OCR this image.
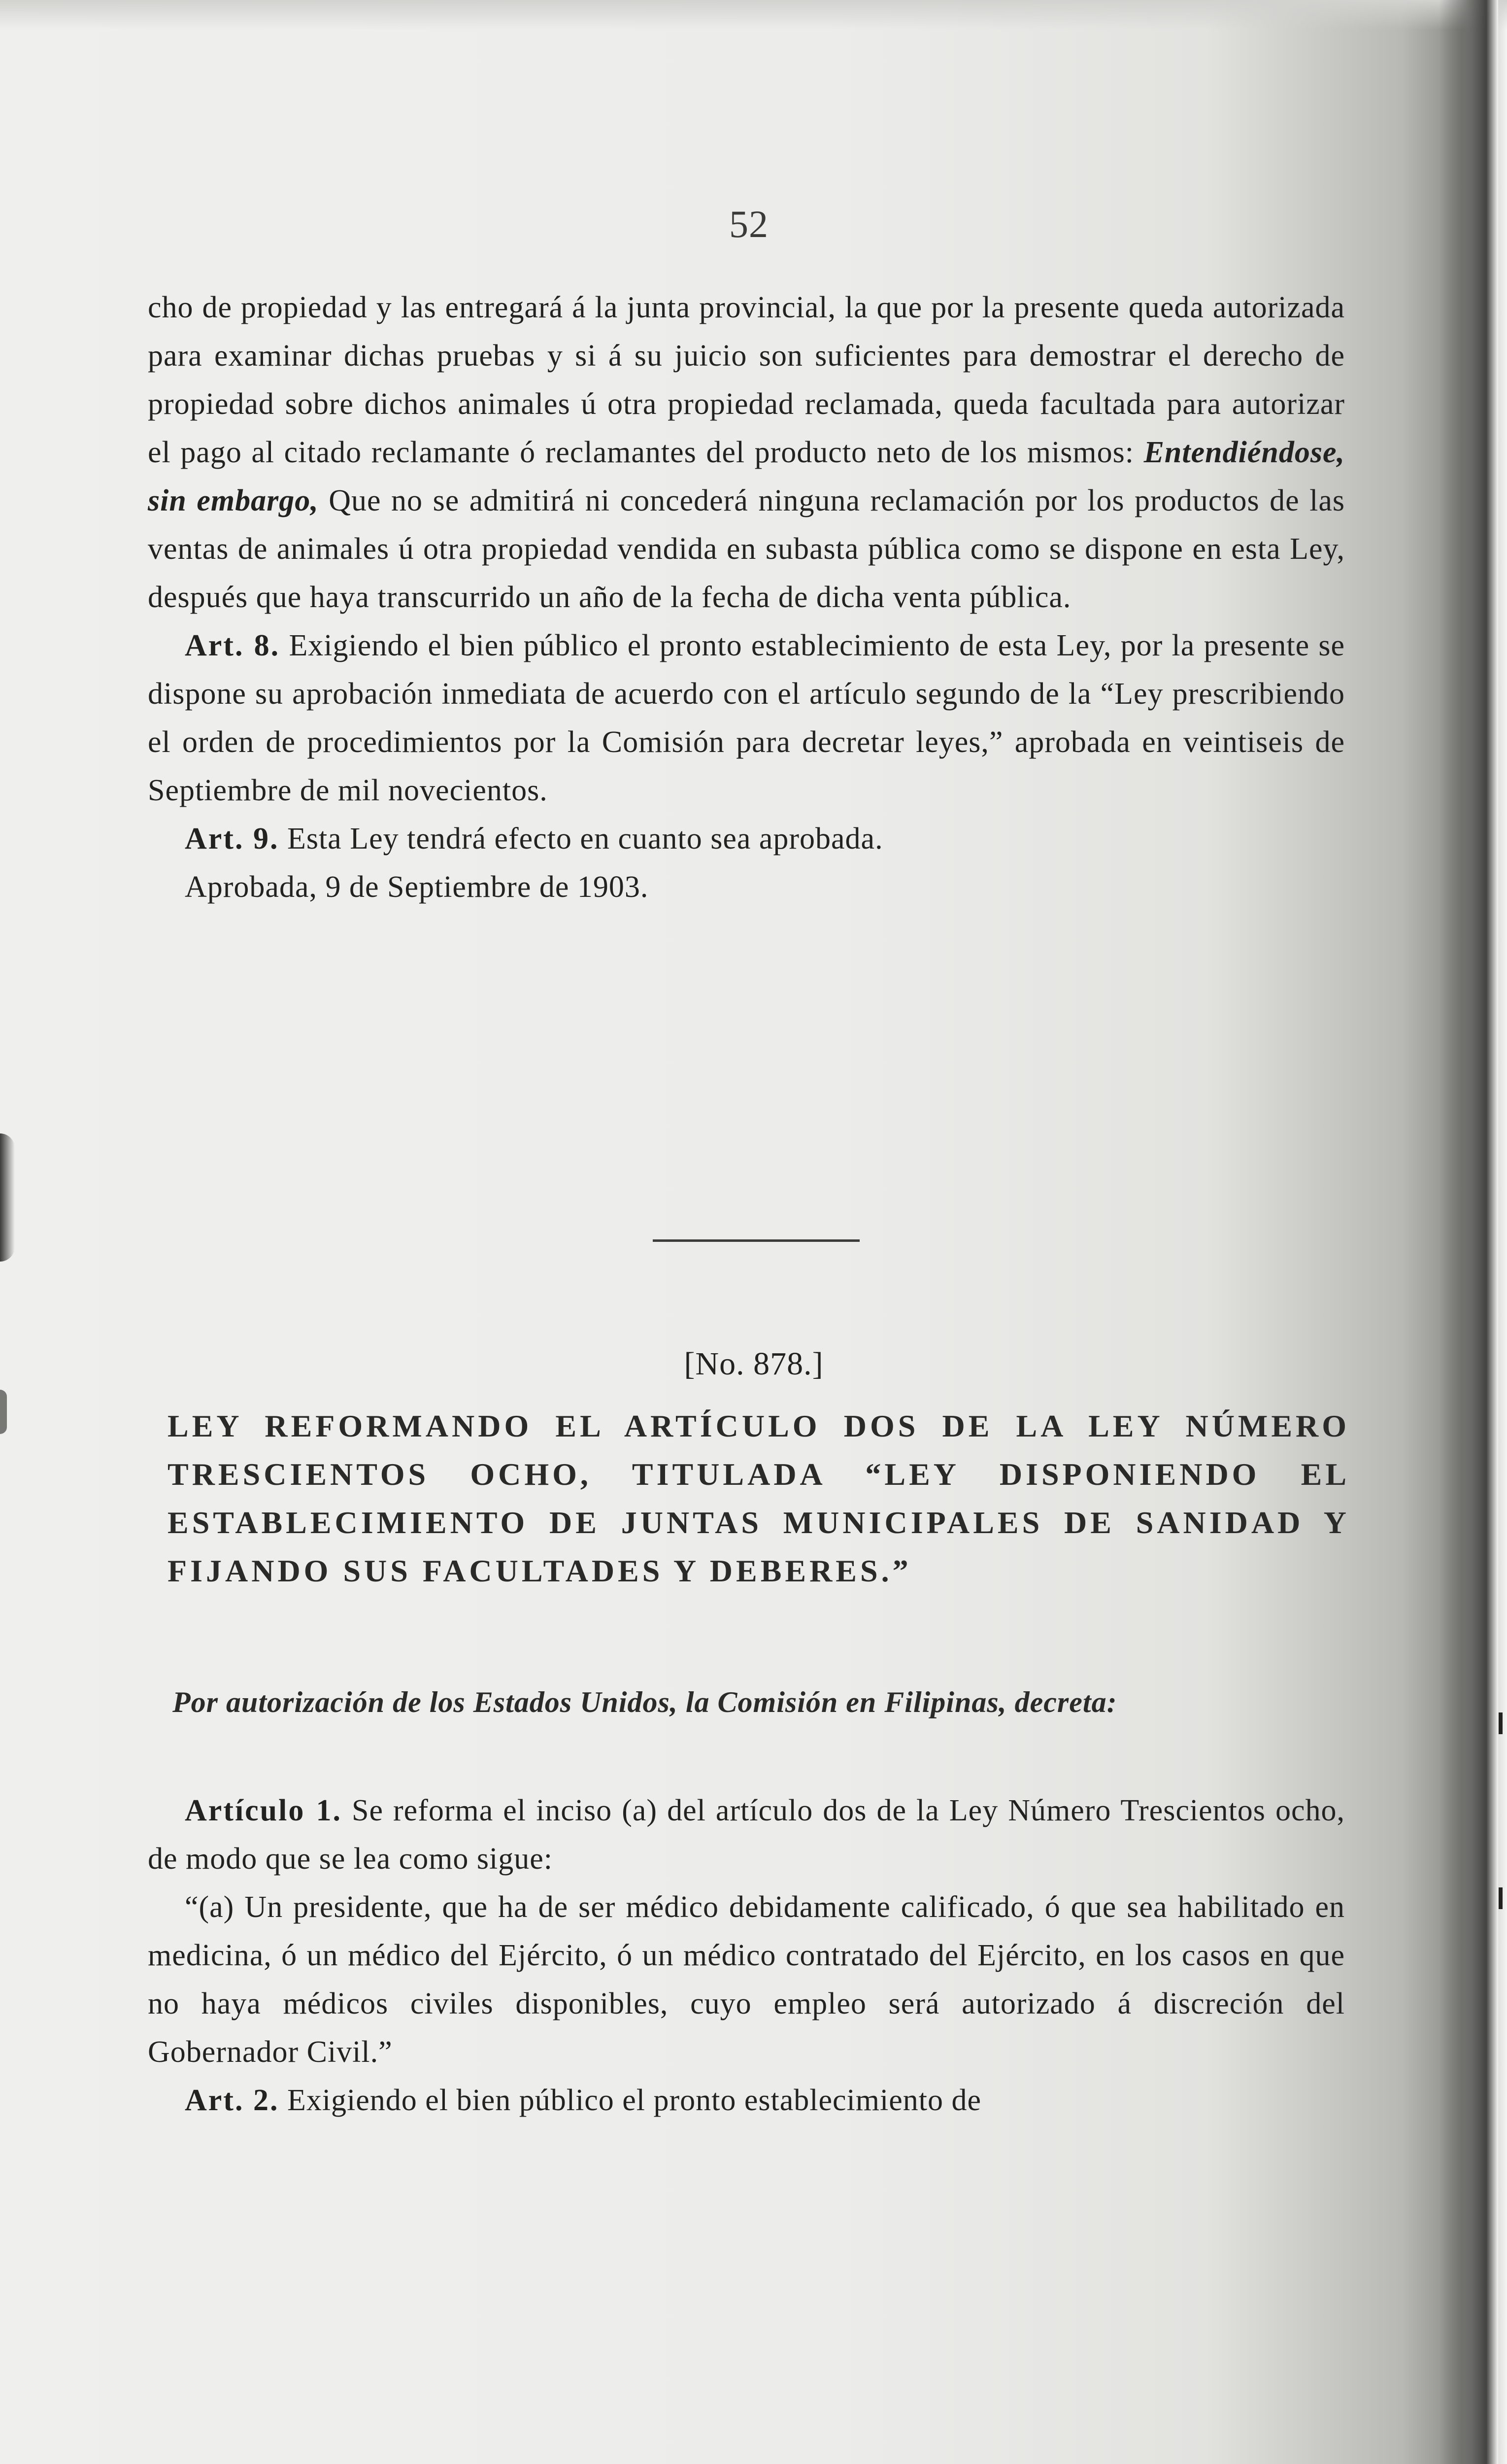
52

cho de propiedad y las entregará á la junta provincial, la que por la presente queda autorizada para examinar dichas pruebas y si á su juicio son suficientes para demostrar el derecho de propiedad sobre dichos animales ú otra propiedad reclamada, queda facultada para autorizar el pago al citado reclamante ó reclamantes del producto neto de los mismos: Entendiéndose, sin embargo, Que no se admitirá ni concederá ninguna reclamación por los productos de las ventas de animales ú otra propiedad vendida en subasta pública como se dispone en esta Ley, después que haya transcurrido un año de la fecha de dicha venta pública.

Art. 8. Exigiendo el bien público el pronto establecimiento de esta Ley, por la presente se dispone su aprobación inmediata de acuerdo con el artículo segundo de la “Ley prescribiendo el orden de procedimientos por la Comisión para decretar leyes,” aprobada en veintiseis de Septiembre de mil novecientos.

Art. 9. Esta Ley tendrá efecto en cuanto sea aprobada.

Aprobada, 9 de Septiembre de 1903.

[No. 878.]
LEY REFORMANDO EL ARTÍCULO DOS DE LA LEY NÚMERO TRESCIENTOS OCHO, TITULADA “LEY DISPONIENDO EL ESTABLECIMIENTO DE JUNTAS MUNICIPALES DE SANIDAD Y FIJANDO SUS FACULTADES Y DEBERES.”
Por autorización de los Estados Unidos, la Comisión en Filipinas, decreta:

Artículo 1. Se reforma el inciso (a) del artículo dos de la Ley Número Trescientos ocho, de modo que se lea como sigue:

“(a) Un presidente, que ha de ser médico debidamente calificado, ó que sea habilitado en medicina, ó un médico del Ejército, ó un médico contratado del Ejército, en los casos en que no haya médicos civiles disponibles, cuyo empleo será autorizado á discreción del Gobernador Civil.”

Art. 2. Exigiendo el bien público el pronto establecimiento de
